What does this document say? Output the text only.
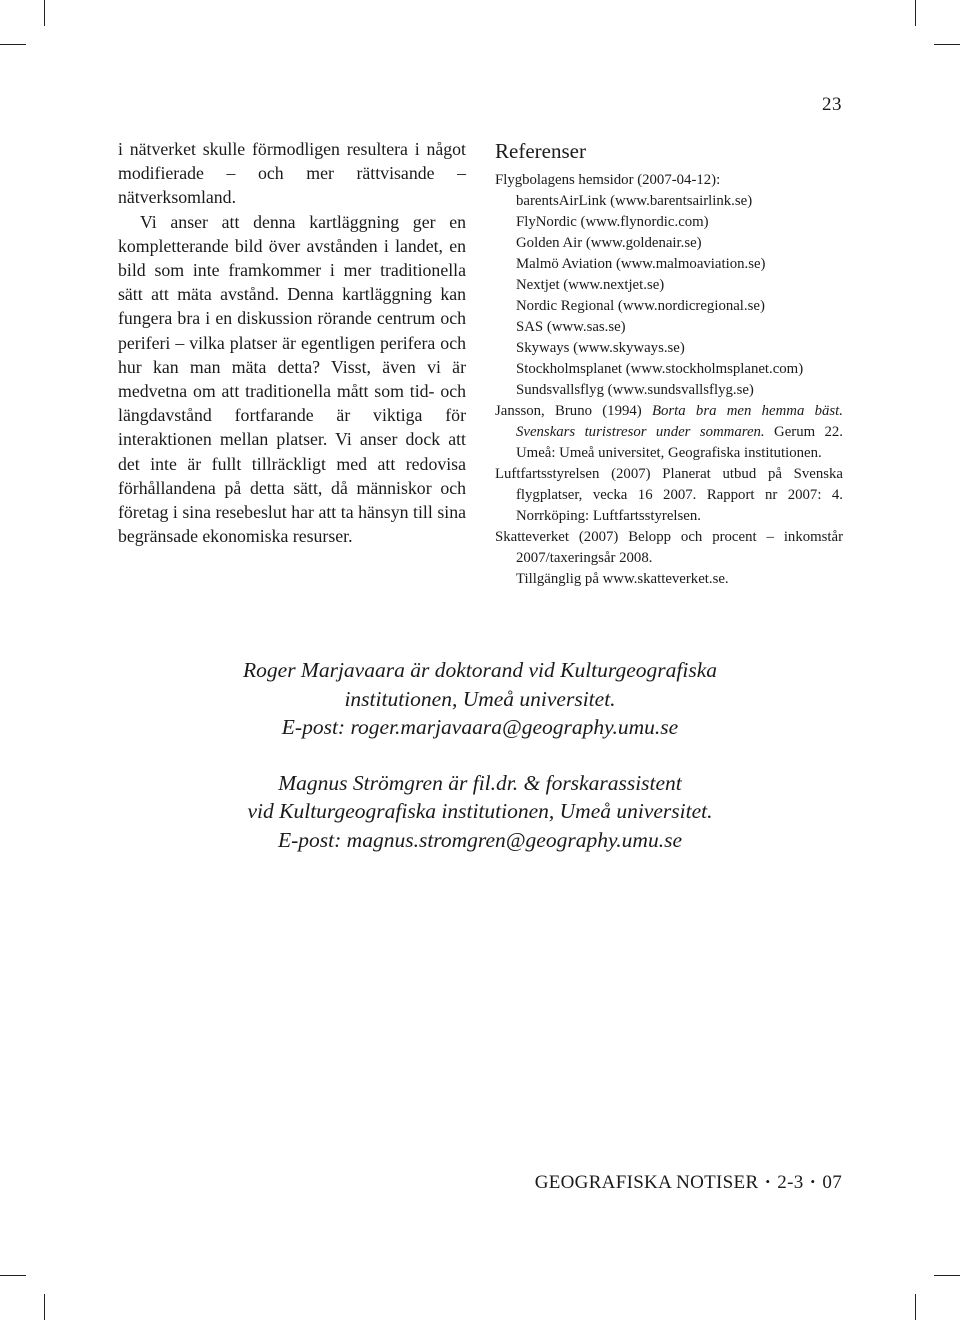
23

i nätverket skulle förmodligen resultera i något modifierade – och mer rättvisande – nätverksomland.

Vi anser att denna kartläggning ger en kompletterande bild över avstånden i landet, en bild som inte framkommer i mer traditionella sätt att mäta avstånd. Denna kartläggning kan fungera bra i en diskussion rörande centrum och periferi – vilka platser är egentligen perifera och hur kan man mäta detta? Visst, även vi är medvetna om att traditionella mått som tid- och längdavstånd fortfarande är viktiga för interaktionen mellan platser. Vi anser dock att det inte är fullt tillräckligt med att redovisa förhållandena på detta sätt, då människor och företag i sina resebeslut har att ta hänsyn till sina begränsade ekonomiska resurser.

Referenser

Flygbolagens hemsidor (2007-04-12):

barentsAirLink (www.barentsairlink.se)
FlyNordic (www.flynordic.com)
Golden Air (www.goldenair.se)
Malmö Aviation (www.malmoaviation.se)
Nextjet (www.nextjet.se)
Nordic Regional (www.nordicregional.se)
SAS (www.sas.se)
Skyways (www.skyways.se)
Stockholmsplanet (www.stockholmsplanet.com)
Sundsvallsflyg (www.sundsvallsflyg.se)

Jansson, Bruno (1994) Borta bra men hemma bäst. Svenskars turistresor under sommaren. Gerum 22. Umeå: Umeå universitet, Geografiska institutionen.

Luftfartsstyrelsen (2007) Planerat utbud på Svenska flygplatser, vecka 16 2007. Rapport nr 2007: 4. Norrköping: Luftfartsstyrelsen.

Skatteverket (2007) Belopp och procent – inkomstår 2007/taxeringsår 2008.

Tillgänglig på www.skatteverket.se.
Roger Marjavaara är doktorand vid Kulturgeografiska
institutionen, Umeå universitet.
E-post: roger.marjavaara@geography.umu.se
Magnus Strömgren är fil.dr. & forskarassistent
vid Kulturgeografiska institutionen, Umeå universitet.
E-post: magnus.stromgren@geography.umu.se
GEOGRAFISKA NOTISER • 2-3 • 07
